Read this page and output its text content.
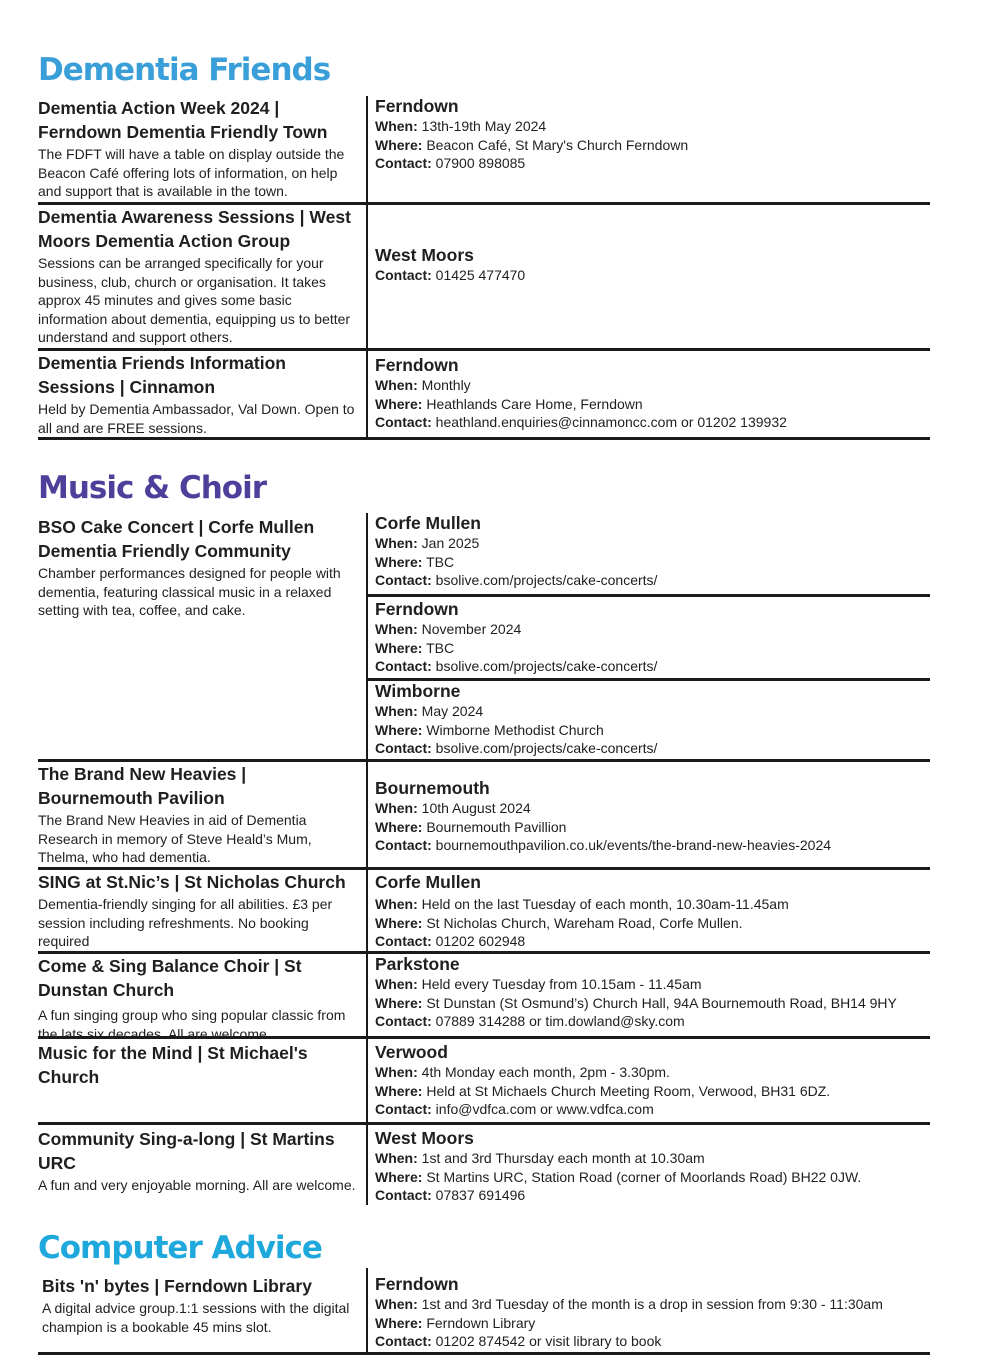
Dementia Friends
Dementia Action Week 2024 | Ferndown Dementia Friendly Town
The FDFT will have a table on display outside the Beacon Café offering lots of information, on help and support that is available in the town.
Ferndown
When: 13th-19th May 2024
Where: Beacon Café, St Mary's Church Ferndown
Contact: 07900 898085
Dementia Awareness Sessions | West Moors Dementia Action Group
Sessions can be arranged specifically for your business, club, church or organisation. It takes approx 45 minutes and gives some basic information about dementia, equipping us to better understand and support others.
West Moors
Contact: 01425 477470
Dementia Friends Information Sessions | Cinnamon
Held by Dementia Ambassador, Val Down. Open to all and are FREE sessions.
Ferndown
When: Monthly
Where: Heathlands Care Home, Ferndown
Contact: heathland.enquiries@cinnamoncc.com or 01202 139932
Music & Choir
BSO Cake Concert | Corfe Mullen Dementia Friendly Community
Chamber performances designed for people with dementia, featuring classical music in a relaxed setting with tea, coffee, and cake.
Corfe Mullen
When: Jan 2025
Where: TBC
Contact: bsolive.com/projects/cake-concerts/
Ferndown
When: November 2024
Where: TBC
Contact: bsolive.com/projects/cake-concerts/
Wimborne
When: May 2024
Where: Wimborne Methodist Church
Contact: bsolive.com/projects/cake-concerts/
The Brand New Heavies | Bournemouth Pavilion
The Brand New Heavies in aid of Dementia Research in memory of Steve Heald’s Mum, Thelma, who had dementia.
Bournemouth
When: 10th August 2024
Where: Bournemouth Pavillion
Contact: bournemouthpavilion.co.uk/events/the-brand-new-heavies-2024
SING at St.Nic’s | St Nicholas Church
Dementia-friendly singing for all abilities. £3 per session including refreshments. No booking required
Corfe Mullen
When: Held on the last Tuesday of each month, 10.30am-11.45am
Where: St Nicholas Church, Wareham Road, Corfe Mullen.
Contact: 01202 602948
Come & Sing Balance Choir | St Dunstan Church
A fun singing group who sing popular classic from the lats six decades. All are welcome.
Parkstone
When: Held every Tuesday from 10.15am - 11.45am
Where: St Dunstan (St Osmund’s) Church Hall, 94A Bournemouth Road, BH14 9HY
Contact: 07889 314288 or tim.dowland@sky.com
Music for the Mind | St Michael's Church
Verwood
When: 4th Monday each month, 2pm - 3.30pm.
Where: Held at St Michaels Church Meeting Room, Verwood, BH31 6DZ.
Contact: info@vdfca.com or www.vdfca.com
Community Sing-a-long | St Martins URC
A fun and very enjoyable morning. All are welcome.
West Moors
When: 1st and 3rd Thursday each month at 10.30am
Where: St Martins URC, Station Road (corner of Moorlands Road) BH22 0JW.
Contact: 07837 691496
Computer Advice
Bits 'n' bytes | Ferndown Library
A digital advice group.1:1 sessions with the digital champion is a bookable 45 mins slot.
Ferndown
When: 1st and 3rd Tuesday of the month is a drop in session from 9:30 - 11:30am
Where: Ferndown Library
Contact: 01202 874542 or visit library to book
